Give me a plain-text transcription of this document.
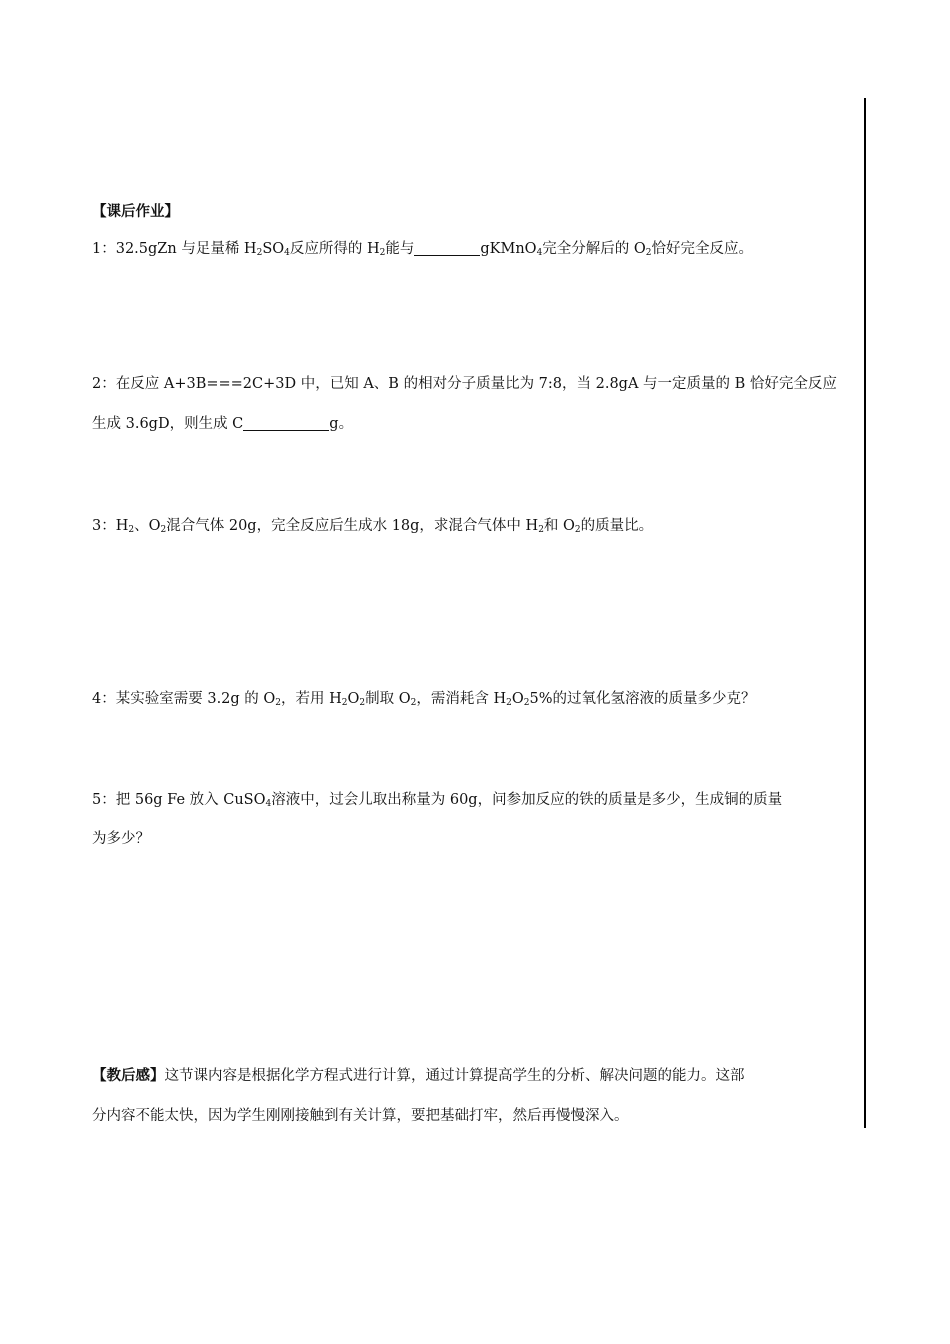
【课后作业】
1：32.5gZn 与足量稀 $H_2SO_4$反应所得的 $H_2$能与	gKMnO$_4$完全分解后的 $O_2$恰好完全反应。
2：在反应 A+3B===2C+3D 中，已知 A、B 的相对分子质量比为 7:8，当 2.8gA 与一定质量的 B 恰好完全反应
生成 3.6gD，则生成 C	g。
3：$H_2$、$O_2$混合气体 20g，完全反应后生成水 18g，求混合气体中 $H_2$和 $O_2$的质量比。
4：某实验室需要 3.2g 的 $O_2$，若用 $H_2O_2$制取 $O_2$，需消耗含 $H_2O_25\%$的过氧化氢溶液的质量多少克？
5：把 56g Fe 放入 CuSO$_4$溶液中，过会儿取出称量为 60g，问参加反应的铁的质量是多少，生成铜的质量
为多少？
【教后感】这节课内容是根据化学方程式进行计算，通过计算提高学生的分析、解决问题的能力。这部
分内容不能太快，因为学生刚刚接触到有关计算，要把基础打牢，然后再慢慢深入。
